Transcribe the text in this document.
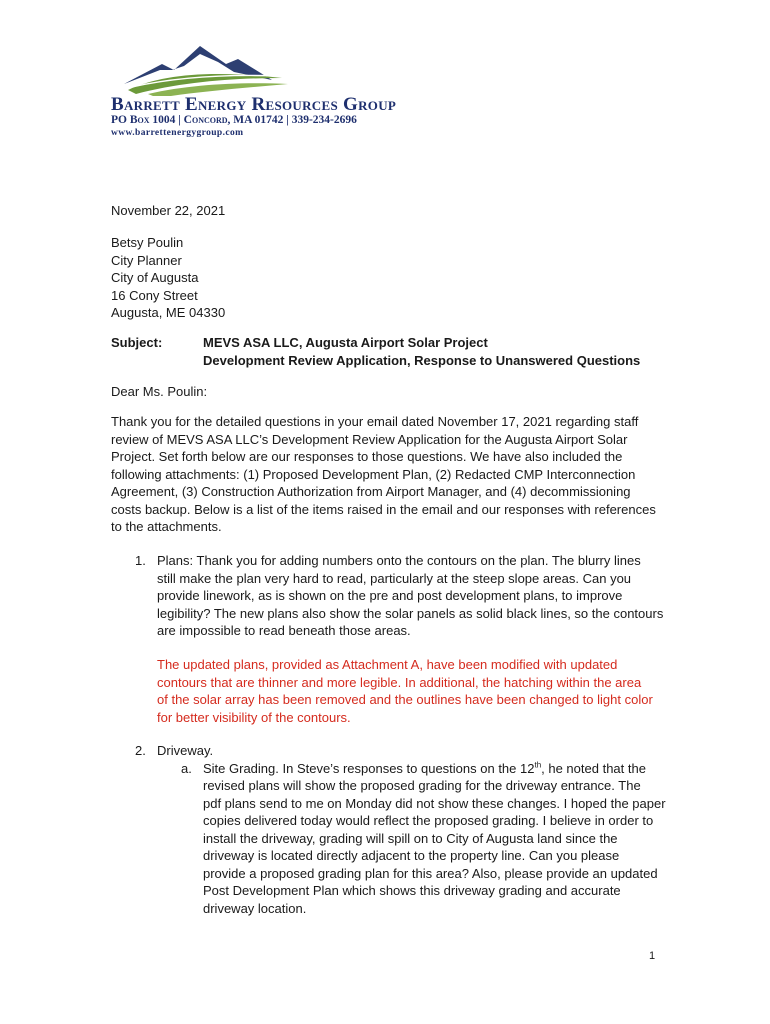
Barrett Energy Resources Group
PO Box 1004 | Concord, MA 01742 | 339-234-2696
www.barrettenergygroup.com
November 22, 2021
Betsy Poulin
City Planner
City of Augusta
16 Cony Street
Augusta, ME 04330
Subject:	MEVS ASA LLC, Augusta Airport Solar Project
Development Review Application, Response to Unanswered Questions
Dear Ms. Poulin:
Thank you for the detailed questions in your email dated November 17, 2021 regarding staff
review of MEVS ASA LLC’s Development Review Application for the Augusta Airport Solar
Project. Set forth below are our responses to those questions. We have also included the
following attachments: (1) Proposed Development Plan, (2) Redacted CMP Interconnection
Agreement, (3) Construction Authorization from Airport Manager, and (4) decommissioning
costs backup. Below is a list of the items raised in the email and our responses with references
to the attachments.
1. Plans: Thank you for adding numbers onto the contours on the plan. The blurry lines
still make the plan very hard to read, particularly at the steep slope areas. Can you
provide linework, as is shown on the pre and post development plans, to improve
legibility? The new plans also show the solar panels as solid black lines, so the contours
are impossible to read beneath those areas.
The updated plans, provided as Attachment A, have been modified with updated
contours that are thinner and more legible. In additional, the hatching within the area
of the solar array has been removed and the outlines have been changed to light color
for better visibility of the contours.
2. Driveway.
a. Site Grading. In Steve’s responses to questions on the 12th, he noted that the
revised plans will show the proposed grading for the driveway entrance. The
pdf plans send to me on Monday did not show these changes. I hoped the paper
copies delivered today would reflect the proposed grading. I believe in order to
install the driveway, grading will spill on to City of Augusta land since the
driveway is located directly adjacent to the property line. Can you please
provide a proposed grading plan for this area? Also, please provide an updated
Post Development Plan which shows this driveway grading and accurate
driveway location.
1
